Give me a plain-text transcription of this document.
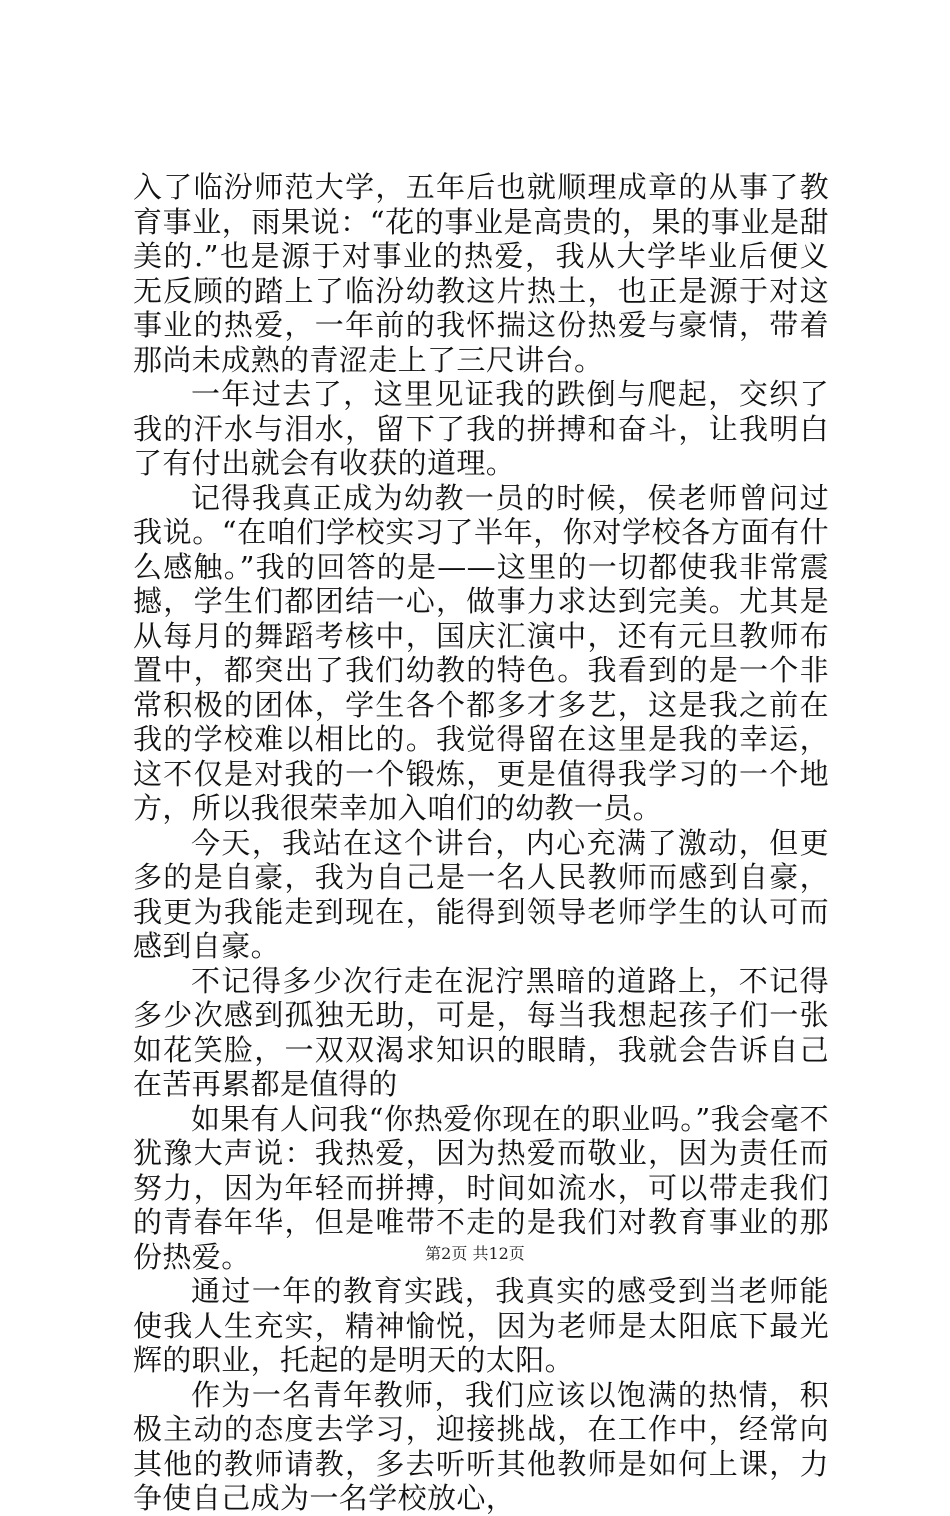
入了临汾师范大学，五年后也就顺理成章的从事了教育事业，雨果说：“花的事业是高贵的，果的事业是甜美的.”也是源于对事业的热爱，我从大学毕业后便义无反顾的踏上了临汾幼教这片热土，也正是源于对这事业的热爱，一年前的我怀揣这份热爱与豪情，带着那尚未成熟的青涩走上了三尺讲台。

一年过去了，这里见证我的跌倒与爬起，交织了我的汗水与泪水，留下了我的拼搏和奋斗，让我明白了有付出就会有收获的道理。

记得我真正成为幼教一员的时候，侯老师曾问过我说。“在咱们学校实习了半年，你对学校各方面有什么感触。”我的回答的是——这里的一切都使我非常震撼，学生们都团结一心，做事力求达到完美。尤其是从每月的舞蹈考核中，国庆汇演中，还有元旦教师布置中，都突出了我们幼教的特色。我看到的是一个非常积极的团体，学生各个都多才多艺，这是我之前在我的学校难以相比的。我觉得留在这里是我的幸运，这不仅是对我的一个锻炼，更是值得我学习的一个地方，所以我很荣幸加入咱们的幼教一员。

今天，我站在这个讲台，内心充满了激动，但更多的是自豪，我为自己是一名人民教师而感到自豪，我更为我能走到现在，能得到领导老师学生的认可而感到自豪。

不记得多少次行走在泥泞黑暗的道路上，不记得多少次感到孤独无助，可是，每当我想起孩子们一张如花笑脸，一双双渴求知识的眼睛，我就会告诉自己在苦再累都是值得的

如果有人问我“你热爱你现在的职业吗。”我会毫不犹豫大声说：我热爱，因为热爱而敬业，因为责任而努力，因为年轻而拼搏，时间如流水，可以带走我们的青春年华，但是唯带不走的是我们对教育事业的那份热爱。

通过一年的教育实践，我真实的感受到当老师能使我人生充实，精神愉悦，因为老师是太阳底下最光辉的职业，托起的是明天的太阳。

作为一名青年教师，我们应该以饱满的热情，积极主动的态度去学习，迎接挑战，在工作中，经常向其他的教师请教，多去听听其他教师是如何上课，力争使自己成为一名学校放心，

第2页 共12页
